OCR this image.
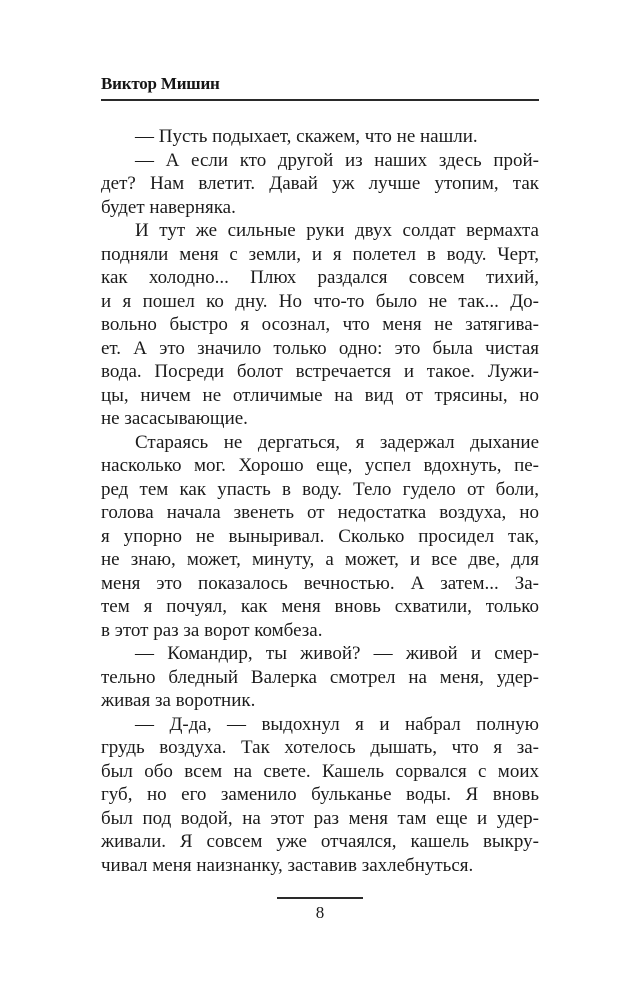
Виктор Мишин
— Пусть подыхает, скажем, что не нашли.
— А если кто другой из наших здесь прой-
дет? Нам влетит. Давай уж лучше утопим, так
будет наверняка.
И тут же сильные руки двух солдат вермахта
подняли меня с земли, и я полетел в воду. Черт,
как холодно... Плюх раздался совсем тихий,
и я пошел ко дну. Но что-то было не так... До-
вольно быстро я осознал, что меня не затягива-
ет. А это значило только одно: это была чистая
вода. Посреди болот встречается и такое. Лужи-
цы, ничем не отличимые на вид от трясины, но
не засасывающие.
Стараясь не дергаться, я задержал дыхание
насколько мог. Хорошо еще, успел вдохнуть, пе-
ред тем как упасть в воду. Тело гудело от боли,
голова начала звенеть от недостатка воздуха, но
я упорно не выныривал. Сколько просидел так,
не знаю, может, минуту, а может, и все две, для
меня это показалось вечностью. А затем... За-
тем я почуял, как меня вновь схватили, только
в этот раз за ворот комбеза.
— Командир, ты живой? — живой и смер-
тельно бледный Валерка смотрел на меня, удер-
живая за воротник.
— Д-да, — выдохнул я и набрал полную
грудь воздуха. Так хотелось дышать, что я за-
был обо всем на свете. Кашель сорвался с моих
губ, но его заменило бульканье воды. Я вновь
был под водой, на этот раз меня там еще и удер-
живали. Я совсем уже отчаялся, кашель выкру-
чивал меня наизнанку, заставив захлебнуться.
8
